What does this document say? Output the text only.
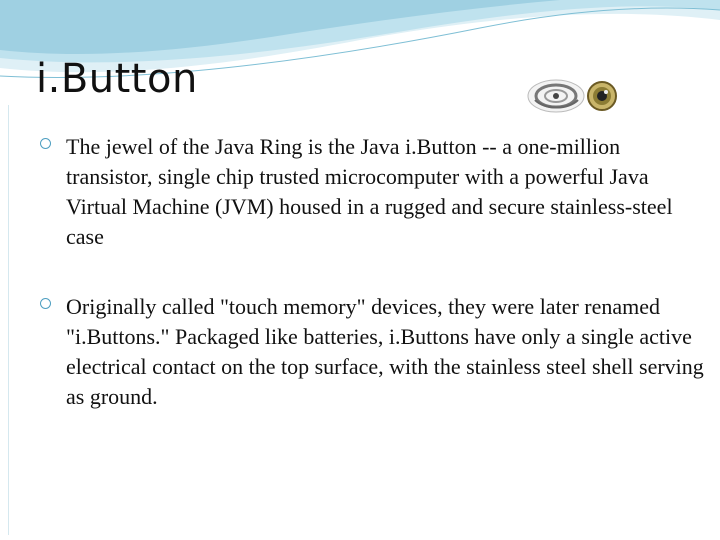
i.Button
The jewel of the Java Ring is the Java i.Button -- a one-million transistor, single chip trusted microcomputer with a powerful Java Virtual Machine (JVM) housed in a rugged and secure stainless-steel case
Originally called "touch memory" devices, they were later renamed "i.Buttons." Packaged like batteries, i.Buttons have only a single active electrical contact on the top surface, with the stainless steel shell serving as ground.
